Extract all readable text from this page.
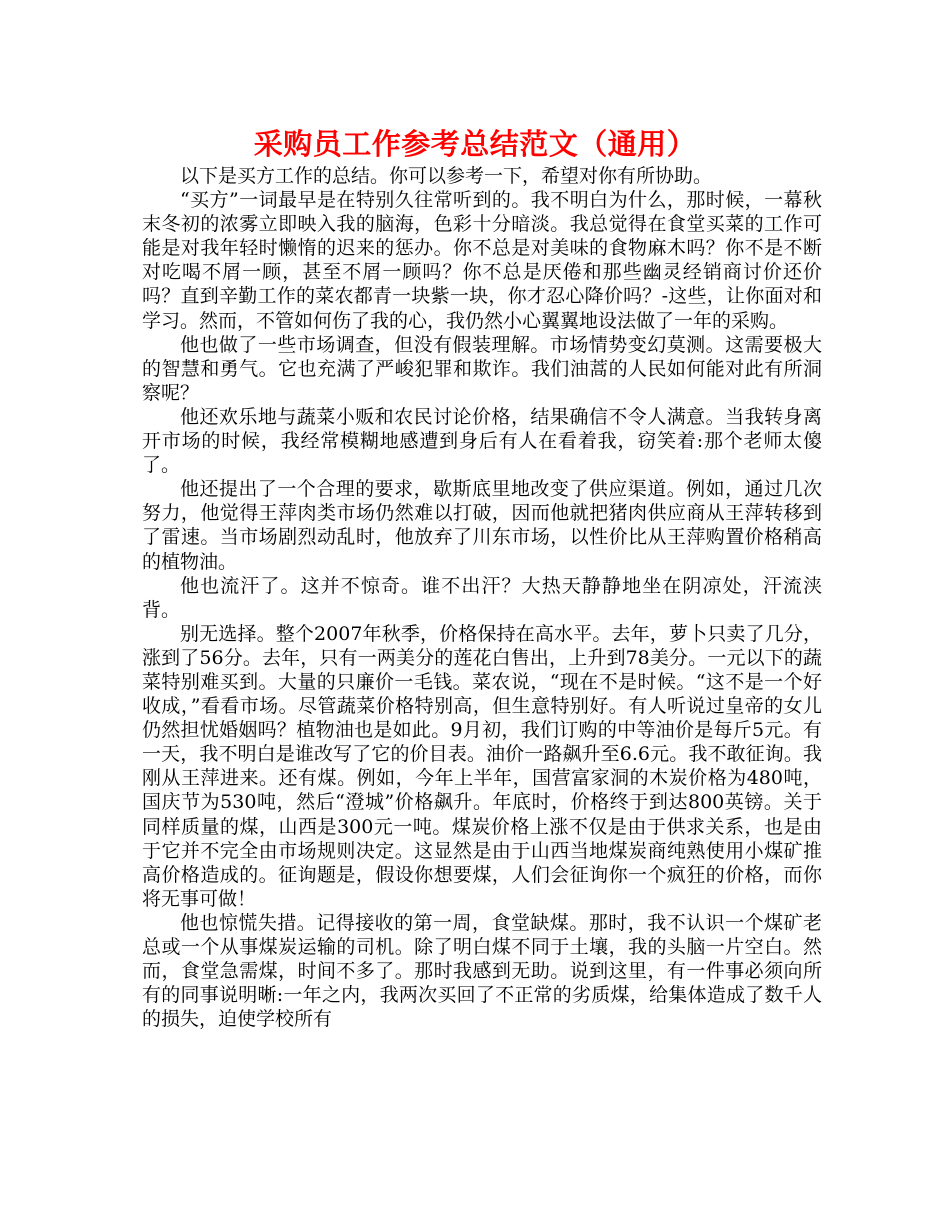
采购员工作参考总结范文（通用）

以下是买方工作的总结。你可以参考一下，希望对你有所协助。

“买方”一词最早是在特别久往常听到的。我不明白为什么，那时候，一幕秋末冬初的浓雾立即映入我的脑海，色彩十分暗淡。我总觉得在食堂买菜的工作可能是对我年轻时懒惰的迟来的惩办。你不总是对美味的食物麻木吗？你不是不断对吃喝不屑一顾，甚至不屑一顾吗？你不总是厌倦和那些幽灵经销商讨价还价吗？直到辛勤工作的菜农都青一块紫一块，你才忍心降价吗？-这些，让你面对和学习。然而，不管如何伤了我的心，我仍然小心翼翼地设法做了一年的采购。

他也做了一些市场调查，但没有假装理解。市场情势变幻莫测。这需要极大的智慧和勇气。它也充满了严峻犯罪和欺诈。我们油蒿的人民如何能对此有所洞察呢？

他还欢乐地与蔬菜小贩和农民讨论价格，结果确信不令人满意。当我转身离开市场的时候，我经常模糊地感遭到身后有人在看着我，窃笑着:那个老师太傻了。

他还提出了一个合理的要求，歇斯底里地改变了供应渠道。例如，通过几次努力，他觉得王萍肉类市场仍然难以打破，因而他就把猪肉供应商从王萍转移到了雷速。当市场剧烈动乱时，他放弃了川东市场，以性价比从王萍购置价格稍高的植物油。

他也流汗了。这并不惊奇。谁不出汗？大热天静静地坐在阴凉处，汗流浃背。

别无选择。整个2007年秋季，价格保持在高水平。去年，萝卜只卖了几分，涨到了56分。去年，只有一两美分的莲花白售出，上升到78美分。一元以下的蔬菜特别难买到。大量的只廉价一毛钱。菜农说，“现在不是时候。“这不是一个好收成，”看看市场。尽管蔬菜价格特别高，但生意特别好。有人听说过皇帝的女儿仍然担忧婚姻吗？植物油也是如此。9月初，我们订购的中等油价是每斤5元。有一天，我不明白是谁改写了它的价目表。油价一路飙升至6.6元。我不敢征询。我刚从王萍进来。还有煤。例如，今年上半年，国营富家洞的木炭价格为480吨，国庆节为530吨，然后“澄城”价格飙升。年底时，价格终于到达800英镑。关于同样质量的煤，山西是300元一吨。煤炭价格上涨不仅是由于供求关系，也是由于它并不完全由市场规则决定。这显然是由于山西当地煤炭商纯熟使用小煤矿推高价格造成的。征询题是，假设你想要煤，人们会征询你一个疯狂的价格，而你将无事可做！

他也惊慌失措。记得接收的第一周，食堂缺煤。那时，我不认识一个煤矿老总或一个从事煤炭运输的司机。除了明白煤不同于土壤，我的头脑一片空白。然而，食堂急需煤，时间不多了。那时我感到无助。说到这里，有一件事必须向所有的同事说明晰:一年之内，我两次买回了不正常的劣质煤，给集体造成了数千人的损失，迫使学校所有
